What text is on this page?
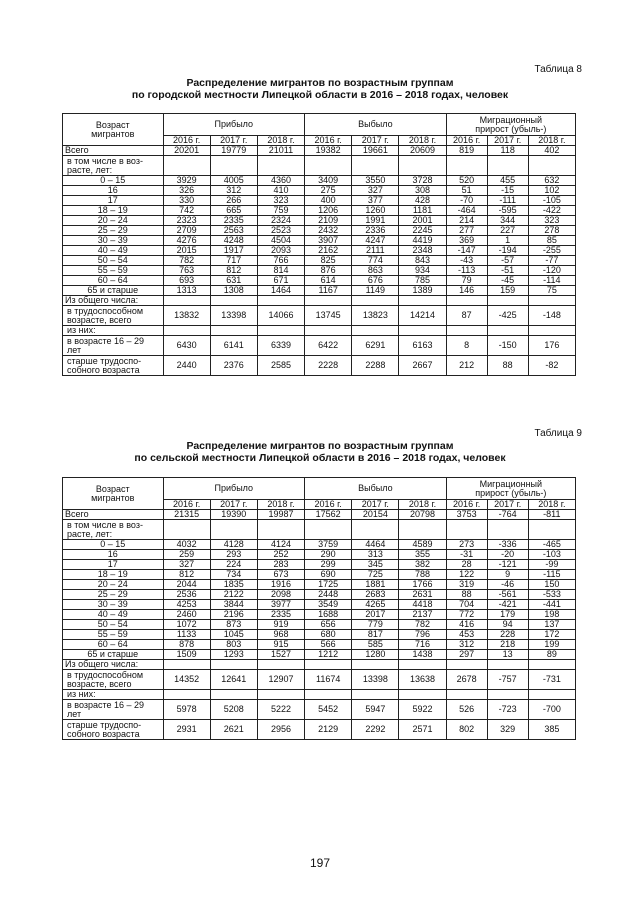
Таблица 8
Распределение мигрантов по возрастным группам
по городской местности Липецкой области в 2016 – 2018 годах, человек
Возраст
мигрантов	Прибыло			Выбыло			Миграционный
прирост (убыль-)		
	2016 г.	2017 г.	2018 г.	2016 г.	2017 г.	2018 г.	2016 г.	2017 г.	2018 г.
Всего	20201	19779	21011	19382	19661	20609	819	118	402
в том числе в воз-
расте, лет:									
0 – 15	3929	4005	4360	3409	3550	3728	520	455	632
16	326	312	410	275	327	308	51	-15	102
17	330	266	323	400	377	428	-70	-111	-105
18 – 19	742	665	759	1206	1260	1181	-464	-595	-422
20 – 24	2323	2335	2324	2109	1991	2001	214	344	323
25 – 29	2709	2563	2523	2432	2336	2245	277	227	278
30 – 39	4276	4248	4504	3907	4247	4419	369	1	85
40 – 49	2015	1917	2093	2162	2111	2348	-147	-194	-255
50 – 54	782	717	766	825	774	843	-43	-57	-77
55 – 59	763	812	814	876	863	934	-113	-51	-120
60 – 64	693	631	671	614	676	785	79	-45	-114
65 и старше	1313	1308	1464	1167	1149	1389	146	159	75
Из общего числа:									
в трудоспособном
возрасте, всего	13832	13398	14066	13745	13823	14214	87	-425	-148
из них:									
в возрасте 16 – 29
лет	6430	6141	6339	6422	6291	6163	8	-150	176
старше трудоспо-
собного возраста	2440	2376	2585	2228	2288	2667	212	88	-82
Таблица 9
Распределение мигрантов по возрастным группам
по сельской местности Липецкой области в 2016 – 2018 годах, человек
Возраст
мигрантов	Прибыло			Выбыло			Миграционный
прирост (убыль-)		
	2016 г.	2017 г.	2018 г.	2016 г.	2017 г.	2018 г.	2016 г.	2017 г.	2018 г.
Всего	21315	19390	19987	17562	20154	20798	3753	-764	-811
в том числе в воз-
расте, лет:									
0 – 15	4032	4128	4124	3759	4464	4589	273	-336	-465
16	259	293	252	290	313	355	-31	-20	-103
17	327	224	283	299	345	382	28	-121	-99
18 – 19	812	734	673	690	725	788	122	9	-115
20 – 24	2044	1835	1916	1725	1881	1766	319	-46	150
25 – 29	2536	2122	2098	2448	2683	2631	88	-561	-533
30 – 39	4253	3844	3977	3549	4265	4418	704	-421	-441
40 – 49	2460	2196	2335	1688	2017	2137	772	179	198
50 – 54	1072	873	919	656	779	782	416	94	137
55 – 59	1133	1045	968	680	817	796	453	228	172
60 – 64	878	803	915	566	585	716	312	218	199
65 и старше	1509	1293	1527	1212	1280	1438	297	13	89
Из общего числа:									
в трудоспособном
возрасте, всего	14352	12641	12907	11674	13398	13638	2678	-757	-731
из них:									
в возрасте 16 – 29
лет	5978	5208	5222	5452	5947	5922	526	-723	-700
старше трудоспо-
собного возраста	2931	2621	2956	2129	2292	2571	802	329	385
197
